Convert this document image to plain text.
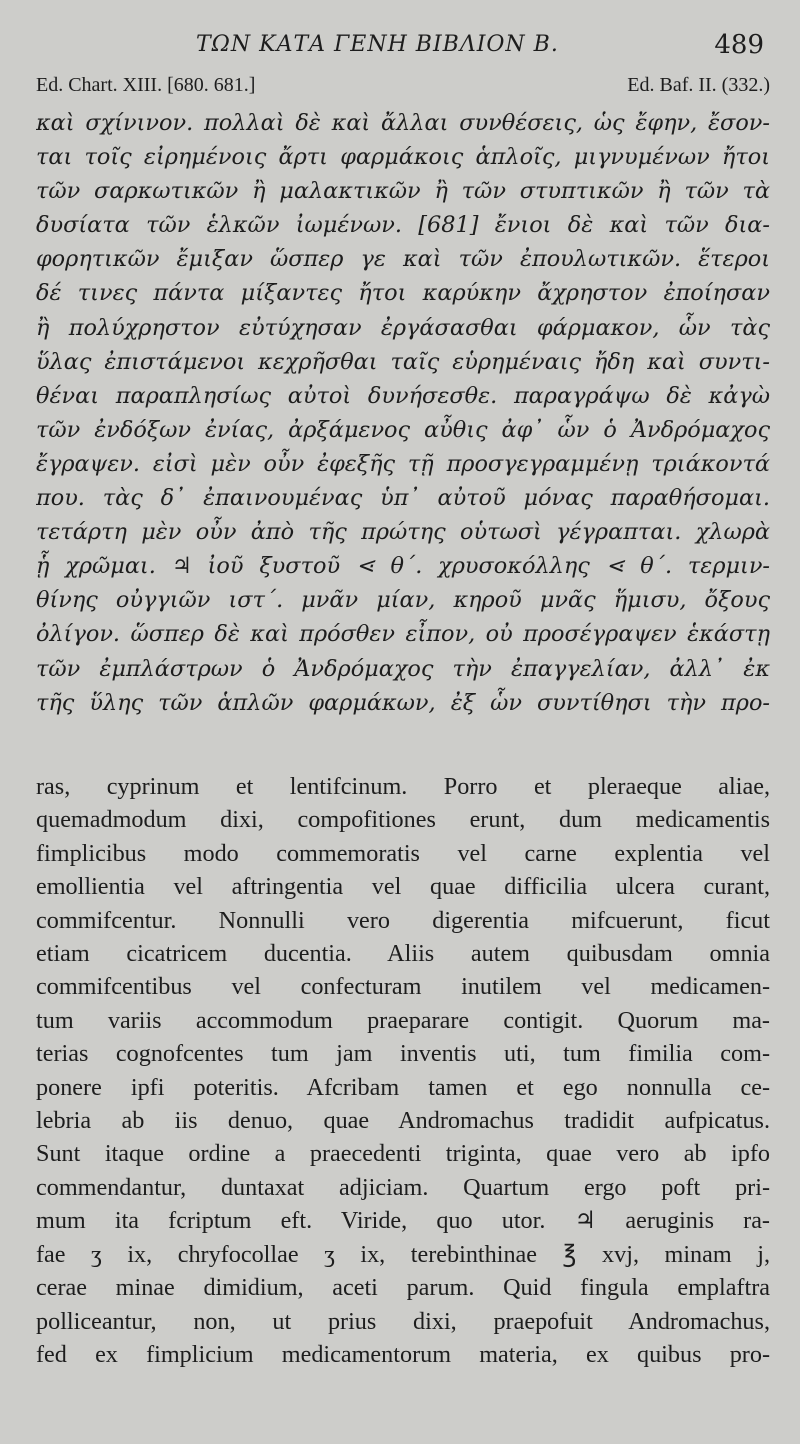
ΤΩΝ ΚΑΤΑ ΓΕΝΗ ΒΙΒΛΙΟΝ Β.	489
Ed. Chart. XIII. [680. 681.]	Ed. Baf. II. (332.)
καὶ σχίνινον. πολλαὶ δὲ καὶ ἄλλαι συνθέσεις, ὡς ἔφην, ἔσον-
ται τοῖς εἰρημένοις ἄρτι φαρμάκοις ἁπλοῖς, μιγνυμένων ἤτοι
τῶν σαρκωτικῶν ἢ μαλακτικῶν ἢ τῶν στυπτικῶν ἢ τῶν τὰ
δυσίατα τῶν ἑλκῶν ἰωμένων. [681] ἔνιοι δὲ καὶ τῶν δια-
φορητικῶν ἔμιξαν ὥσπερ γε καὶ τῶν ἐπουλωτικῶν. ἕτεροι
δέ τινες πάντα μίξαντες ἤτοι καρύκην ἄχρηστον ἐποίησαν
ἢ πολύχρηστον εὐτύχησαν ἐργάσασθαι φάρμακον, ὧν τὰς
ὕλας ἐπιστάμενοι κεχρῆσθαι ταῖς εὑρημέναις ἤδη καὶ συντι-
θέναι παραπλησίως αὐτοὶ δυνήσεσθε. παραγράψω δὲ κἀγὼ
τῶν ἐνδόξων ἐνίας, ἀρξάμενος αὖθις ἀφ᾽ ὧν ὁ Ἀνδρόμαχος
ἔγραψεν. εἰσὶ μὲν οὖν ἐφεξῆς τῇ προσγεγραμμένῃ τριάκοντά
που. τὰς δ᾽ ἐπαινουμένας ὑπ᾽ αὐτοῦ μόνας παραθήσομαι.
τετάρτη μὲν οὖν ἀπὸ τῆς πρώτης οὑτωσὶ γέγραπται. χλωρὰ
ᾗ χρῶμαι. ♃ ἰοῦ ξυστοῦ ⋖ θ΄. χρυσοκόλλης ⋖ θ΄. τερμιν-
θίνης οὐγγιῶν ιστ΄. μνᾶν μίαν, κηροῦ μνᾶς ἥμισυ, ὄξους
ὀλίγον. ὥσπερ δὲ καὶ πρόσθεν εἶπον, οὐ προσέγραψεν ἑκάστῃ
τῶν ἐμπλάστρων ὁ Ἀνδρόμαχος τὴν ἐπαγγελίαν, ἀλλ᾽ ἐκ
τῆς ὕλης τῶν ἁπλῶν φαρμάκων, ἐξ ὧν συντίθησι τὴν προ-
ras, cyprinum et lentifcinum. Porro et pleraeque aliae,
quemadmodum dixi, compofitiones erunt, dum medicamentis
fimplicibus modo commemoratis vel carne explentia vel
emollientia vel aftringentia vel quae difficilia ulcera curant,
commifcentur. Nonnulli vero digerentia mifcuerunt, ficut
etiam cicatricem ducentia. Aliis autem quibusdam omnia
commifcentibus vel confecturam inutilem vel medicamen-
tum variis accommodum praeparare contigit. Quorum ma-
terias cognofcentes tum jam inventis uti, tum fimilia com-
ponere ipfi poteritis. Afcribam tamen et ego nonnulla ce-
lebria ab iis denuo, quae Andromachus tradidit aufpicatus.
Sunt itaque ordine a praecedenti triginta, quae vero ab ipfo
commendantur, duntaxat adjiciam. Quartum ergo poft pri-
mum ita fcriptum eft. Viride, quo utor. ♃ aeruginis ra-
fae ʒ ix, chryfocollae ʒ ix, terebinthinae ℥ xvj, minam j,
cerae minae dimidium, aceti parum. Quid fingula emplaftra
polliceantur, non, ut prius dixi, praepofuit Andromachus,
fed ex fimplicium medicamentorum materia, ex quibus pro-
